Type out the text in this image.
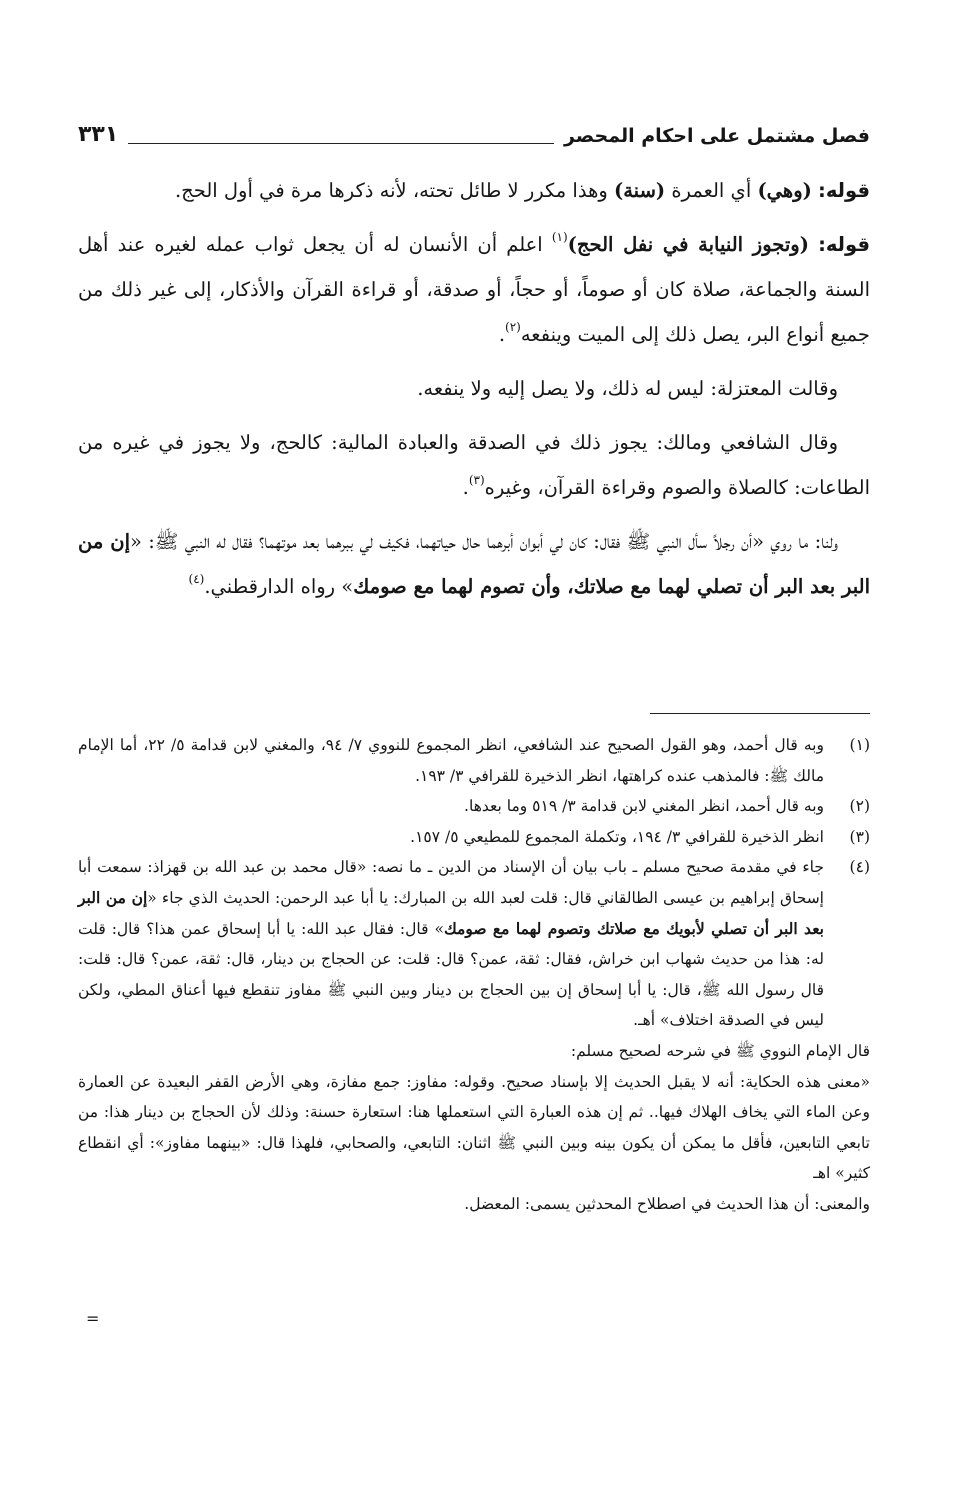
فصل مشتمل على احكام المحصر
٣٣١

قوله: (وهي) أي العمرة (سنة) وهذا مكرر لا طائل تحته، لأنه ذكرها مرة في أول الحج.

قوله: (وتجوز النيابة في نفل الحج)$^{(١)}$ اعلم أن الأنسان له أن يجعل ثواب عمله لغيره عند أهل السنة والجماعة، صلاة كان أو صوماً، أو حجاً، أو صدقة، أو قراءة القرآن والأذكار، إلى غير ذلك من جميع أنواع البر، يصل ذلك إلى الميت وينفعه$^{(٢)}$.

وقالت المعتزلة: ليس له ذلك، ولا يصل إليه ولا ينفعه.

وقال الشافعي ومالك: يجوز ذلك في الصدقة والعبادة المالية: كالحج، ولا يجوز في غيره من الطاعات: كالصلاة والصوم وقراءة القرآن، وغيره$^{(٣)}$.

ولنا: ما روي «أن رجلاً سأل النبي ﷺ فقال: كان لي أبوان أبرهما حال حياتهما، فكيف لي ببرهما بعد موتهما؟ فقال له النبي ﷺ: «إن من البر بعد البر أن تصلي لهما مع صلاتك، وأن تصوم لهما مع صومك» رواه الدارقطني.$^{(٤)}$

(١)
وبه قال أحمد، وهو القول الصحيح عند الشافعي، انظر المجموع للنووي ٧/ ٩٤، والمغني لابن قدامة ٥/ ٢٢، أما الإمام مالك ﷺ: فالمذهب عنده كراهتها، انظر الذخيرة للقرافي ٣/ ١٩٣.
(٢)
وبه قال أحمد، انظر المغني لابن قدامة ٣/ ٥١٩ وما بعدها.
(٣)
انظر الذخيرة للقرافي ٣/ ١٩٤، وتكملة المجموع للمطيعي ٥/ ١٥٧.
(٤)
جاء في مقدمة صحيح مسلم ـ باب بيان أن الإسناد من الدين ـ ما نصه: «قال محمد بن عبد الله بن قهزاذ: سمعت أبا إسحاق إبراهيم بن عيسى الطالقاني قال: قلت لعبد الله بن المبارك: يا أبا عبد الرحمن: الحديث الذي جاء «إن من البر بعد البر أن تصلي لأبويك مع صلاتك وتصوم لهما مع صومك» قال: فقال عبد الله: يا أبا إسحاق عمن هذا؟ قال: قلت له: هذا من حديث شهاب ابن خراش، فقال: ثقة، عمن؟ قال: قلت: عن الحجاج بن دينار، قال: ثقة، عمن؟ قال: قلت: قال رسول الله ﷺ، قال: يا أبا إسحاق إن بين الحجاج بن دينار وبين النبي ﷺ مفاوز تنقطع فيها أعناق المطي، ولكن ليس في الصدقة اختلاف» أهـ.
قال الإمام النووي ﷺ في شرحه لصحيح مسلم:
«معنى هذه الحكاية: أنه لا يقبل الحديث إلا بإسناد صحيح. وقوله: مفاوز: جمع مفازة، وهي الأرض القفر البعيدة عن العمارة وعن الماء التي يخاف الهلاك فيها.. ثم إن هذه العبارة التي استعملها هنا: استعارة حسنة: وذلك لأن الحجاج بن دينار هذا: من تابعي التابعين، فأقل ما يمكن أن يكون بينه وبين النبي ﷺ اثنان: التابعي، والصحابي، فلهذا قال: «بينهما مفاوز»: أي انقطاع كثير» اهـ
والمعنى: أن هذا الحديث في اصطلاح المحدثين يسمى: المعضل.
=
